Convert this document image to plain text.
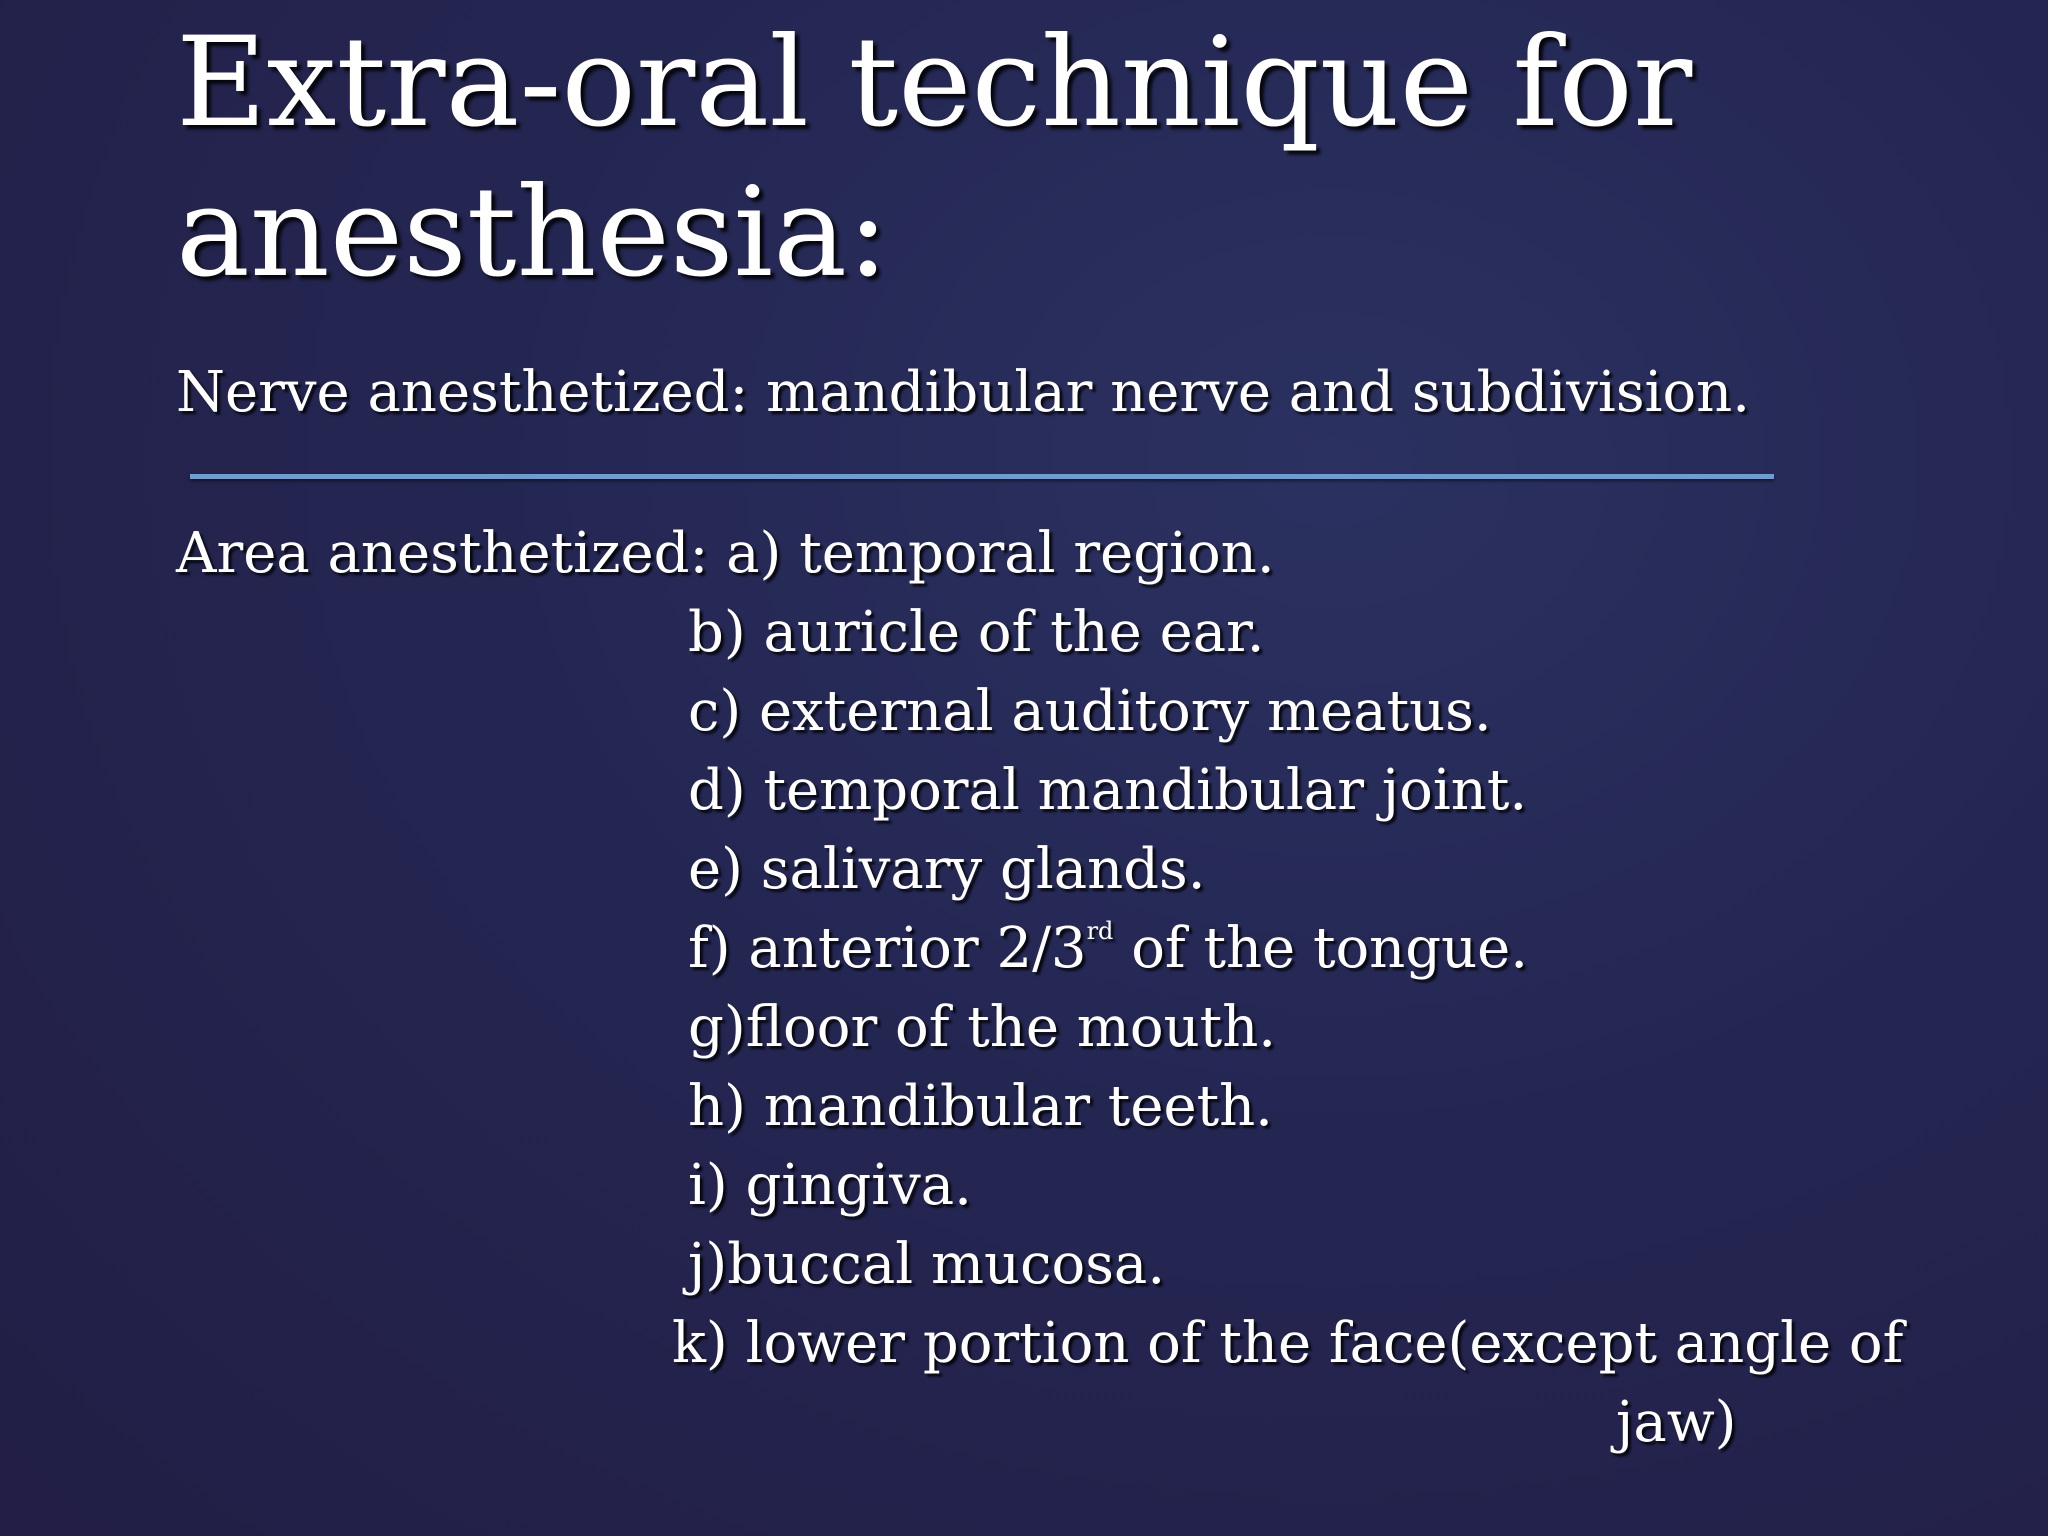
Extra-oral technique for anesthesia:
Nerve anesthetized: mandibular nerve and subdivision.
Area anesthetized: a) temporal region.
b) auricle of the ear.
c) external auditory meatus.
d) temporal mandibular joint.
e) salivary glands.
f) anterior 2/3rd of the tongue.
g)floor of the mouth.
h) mandibular teeth.
i) gingiva.
j)buccal mucosa.
k) lower portion of the face(except angle of
jaw)
